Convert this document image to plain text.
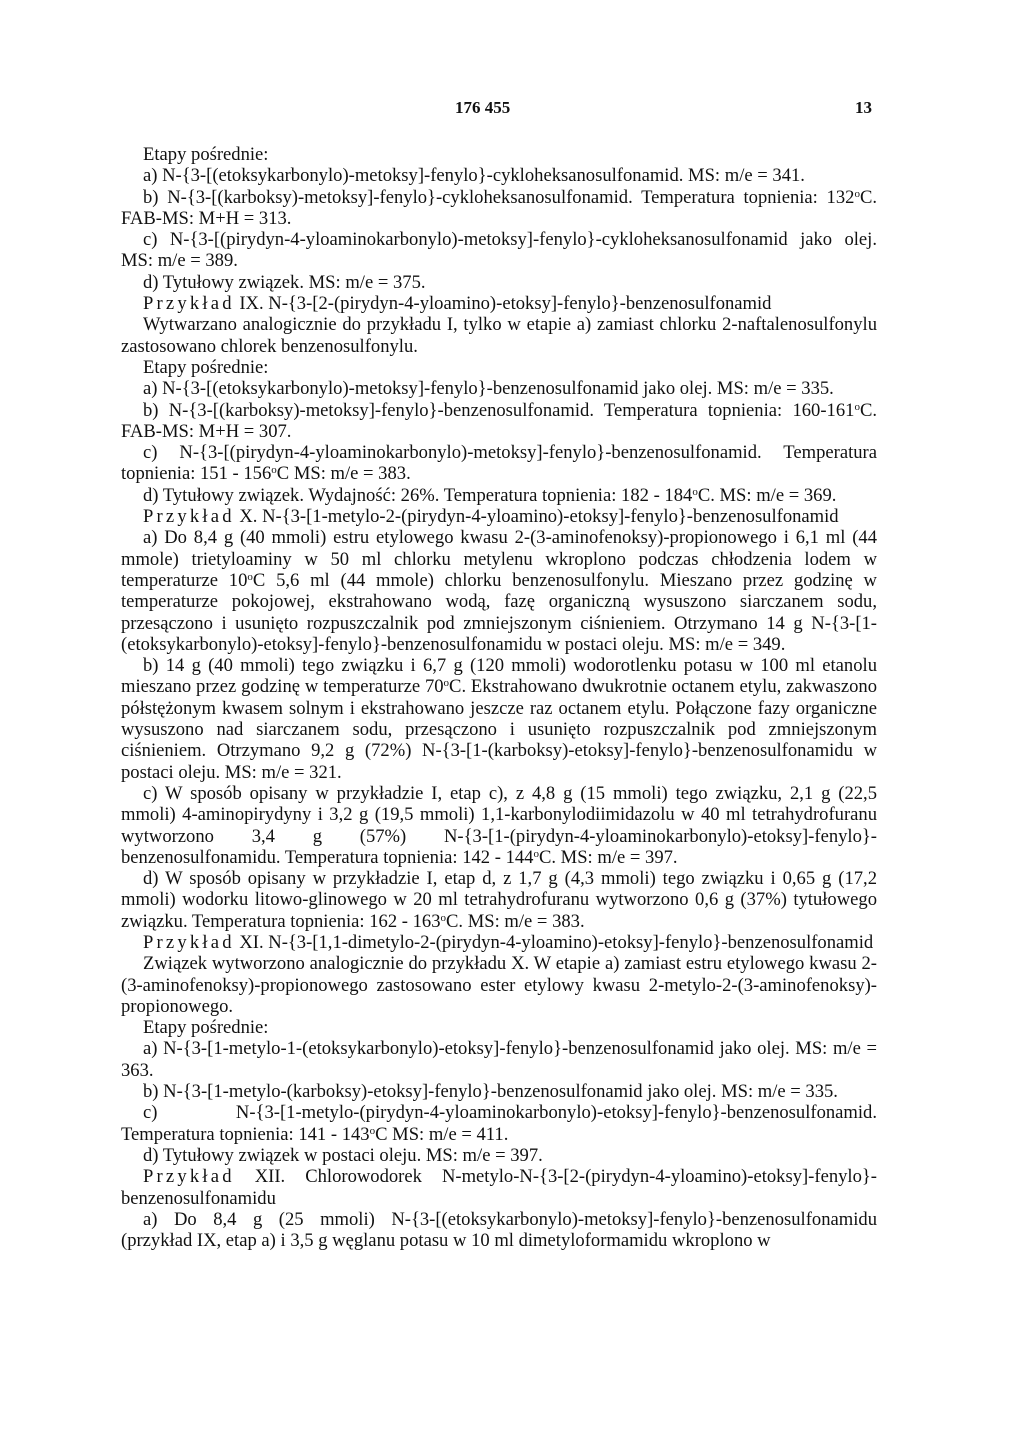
176 455	13

Etapy pośrednie:

a) N-{3-[(etoksykarbonylo)-metoksy]-fenylo}-cykloheksanosulfonamid. MS: m/e = 341.

b) N-{3-[(karboksy)-metoksy]-fenylo}-cykloheksanosulfonamid. Temperatura topnienia: 132$^o$C. FAB-MS: M+H = 313.

c) N-{3-[(pirydyn-4-yloaminokarbonylo)-metoksy]-fenylo}-cykloheksanosulfonamid jako olej. MS: m/e = 389.

d) Tytułowy związek. MS: m/e = 375.

Przykład IX. N-{3-[2-(pirydyn-4-yloamino)-etoksy]-fenylo}-benzenosulfonamid

Wytwarzano analogicznie do przykładu I, tylko w etapie a) zamiast chlorku 2-naftalenosulfonylu zastosowano chlorek benzenosulfonylu.

Etapy pośrednie:

a) N-{3-[(etoksykarbonylo)-metoksy]-fenylo}-benzenosulfonamid jako olej. MS: m/e = 335.

b) N-{3-[(karboksy)-metoksy]-fenylo}-benzenosulfonamid. Temperatura topnienia: 160-161$^o$C. FAB-MS: M+H = 307.

c) N-{3-[(pirydyn-4-yloaminokarbonylo)-metoksy]-fenylo}-benzenosulfonamid. Temperatura topnienia: 151 - 156$^o$C MS: m/e = 383.

d) Tytułowy związek. Wydajność: 26%. Temperatura topnienia: 182 - 184$^o$C. MS: m/e = 369.

Przykład X. N-{3-[1-metylo-2-(pirydyn-4-yloamino)-etoksy]-fenylo}-benzenosulfonamid

a) Do 8,4 g (40 mmoli) estru etylowego kwasu 2-(3-aminofenoksy)-propionowego i 6,1 ml (44 mmole) trietyloaminy w 50 ml chlorku metylenu wkroplono podczas chłodzenia lodem w temperaturze 10$^o$C 5,6 ml (44 mmole) chlorku benzenosulfonylu. Mieszano przez godzinę w temperaturze pokojowej, ekstrahowano wodą, fazę organiczną wysuszono siarczanem sodu, przesączono i usunięto rozpuszczalnik pod zmniejszonym ciśnieniem. Otrzymano 14 g N-{3-[1-(etoksykarbonylo)-etoksy]-fenylo}-benzenosulfonamidu w postaci oleju. MS: m/e = 349.

b) 14 g (40 mmoli) tego związku i 6,7 g (120 mmoli) wodorotlenku potasu w 100 ml etanolu mieszano przez godzinę w temperaturze 70$^o$C. Ekstrahowano dwukrotnie octanem etylu, zakwaszono półstężonym kwasem solnym i ekstrahowano jeszcze raz octanem etylu. Połączone fazy organiczne wysuszono nad siarczanem sodu, przesączono i usunięto rozpuszczalnik pod zmniejszonym ciśnieniem. Otrzymano 9,2 g (72%) N-{3-[1-(karboksy)-etoksy]-fenylo}-benzenosulfonamidu w postaci oleju. MS: m/e = 321.

c) W sposób opisany w przykładzie I, etap c), z 4,8 g (15 mmoli) tego związku, 2,1 g (22,5 mmoli) 4-aminopirydyny i 3,2 g (19,5 mmoli) 1,1-karbonylodiimidazolu w 40 ml tetrahydrofuranu wytworzono 3,4 g (57%) N-{3-[1-(pirydyn-4-yloaminokarbonylo)-etoksy]-fenylo}-benzenosulfonamidu. Temperatura topnienia: 142 - 144$^o$C. MS: m/e = 397.

d) W sposób opisany w przykładzie I, etap d, z 1,7 g (4,3 mmoli) tego związku i 0,65 g (17,2 mmoli) wodorku litowo-glinowego w 20 ml tetrahydrofuranu wytworzono 0,6 g (37%) tytułowego związku. Temperatura topnienia: 162 - 163$^o$C. MS: m/e = 383.

Przykład XI. N-{3-[1,1-dimetylo-2-(pirydyn-4-yloamino)-etoksy]-fenylo}-benzenosulfonamid

Związek wytworzono analogicznie do przykładu X. W etapie a) zamiast estru etylowego kwasu 2-(3-aminofenoksy)-propionowego zastosowano ester etylowy kwasu 2-metylo-2-(3-aminofenoksy)-propionowego.

Etapy pośrednie:

a) N-{3-[1-metylo-1-(etoksykarbonylo)-etoksy]-fenylo}-benzenosulfonamid jako olej. MS: m/e = 363.

b) N-{3-[1-metylo-(karboksy)-etoksy]-fenylo}-benzenosulfonamid jako olej. MS: m/e = 335.

c) N-{3-[1-metylo-(pirydyn-4-yloaminokarbonylo)-etoksy]-fenylo}-benzenosulfonamid. Temperatura topnienia: 141 - 143$^o$C MS: m/e = 411.

d) Tytułowy związek w postaci oleju. MS: m/e = 397.

Przykład XII. Chlorowodorek N-metylo-N-{3-[2-(pirydyn-4-yloamino)-etoksy]-fenylo}-benzenosulfonamidu

a) Do 8,4 g (25 mmoli) N-{3-[(etoksykarbonylo)-metoksy]-fenylo}-benzenosulfonamidu (przykład IX, etap a) i 3,5 g węglanu potasu w 10 ml dimetyloformamidu wkroplono w
